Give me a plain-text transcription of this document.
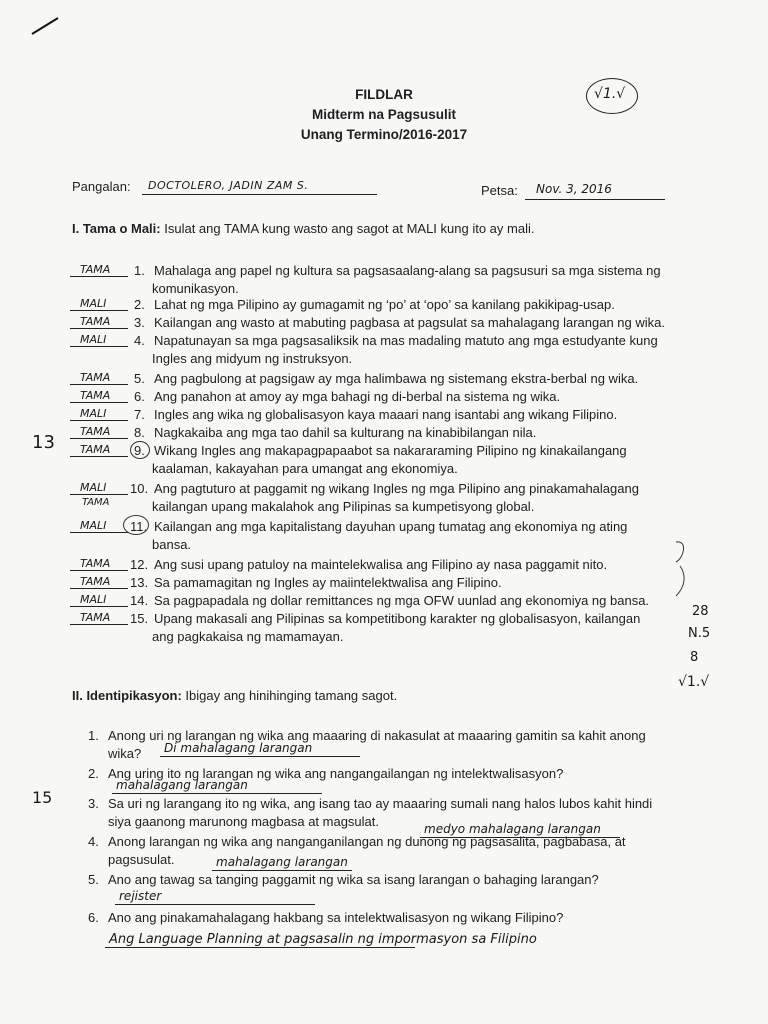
FILDLAR
Midterm na Pagsusulit
Unang Termino/2016-2017
√1.√
Pangalan: DOCTOLERO, JADIN ZAM S.	Petsa: Nov. 3, 2016
I. Tama o Mali: Isulat ang TAMA kung wasto ang sagot at MALI kung ito ay mali.
TAMA 1. Mahalaga ang papel ng kultura sa pagsasaalang-alang sa pagsusuri sa mga sistema ng
komunikasyon.
MALI 2. Lahat ng mga Pilipino ay gumagamit ng ‘po’ at ‘opo’ sa kanilang pakikipag-usap.
TAMA 3. Kailangan ang wasto at mabuting pagbasa at pagsulat sa mahalagang larangan ng wika.
MALI 4. Napatunayan sa mga pagsasaliksik na mas madaling matuto ang mga estudyante kung
Ingles ang midyum ng instruksyon.
TAMA 5. Ang pagbulong at pagsigaw ay mga halimbawa ng sistemang ekstra-berbal ng wika.
TAMA 6. Ang panahon at amoy ay mga bahagi ng di-berbal na sistema ng wika.
MALI 7. Ingles ang wika ng globalisasyon kaya maaari nang isantabi ang wikang Filipino.
TAMA 8. Nagkakaiba ang mga tao dahil sa kulturang na kinabibilangan nila.
TAMA 9. Wikang Ingles ang makapagpapaabot sa nakararaming Pilipino ng kinakailangang
kaalaman, kakayahan para umangat ang ekonomiya.
MALI 10. Ang pagtuturo at paggamit ng wikang Ingles ng mga Pilipino ang pinakamahalagang
kailangan upang makalahok ang Pilipinas sa kumpetisyong global.
MALI 11. Kailangan ang mga kapitalistang dayuhan upang tumatag ang ekonomiya ng ating
bansa.
TAMA 12. Ang susi upang patuloy na maintelekwalisa ang Filipino ay nasa paggamit nito.
TAMA 13. Sa pamamagitan ng Ingles ay maiintelektwalisa ang Filipino.
MALI 14. Sa pagpapadala ng dollar remittances ng mga OFW uunlad ang ekonomiya ng bansa.
TAMA 15. Upang makasali ang Pilipinas sa kompetitibong karakter ng globalisasyon, kailangan
ang pagkakaisa ng mamamayan.
TAMA
13
28
N.5
8
√1.√
II. Identipikasyon: Ibigay ang hinihinging tamang sagot.
1. Anong uri ng larangan ng wika ang maaaring di nakasulat at maaaring gamitin sa kahit anong
wika? Di mahalagang larangan
2. Ang uring ito ng larangan ng wika ang nangangailangan ng intelektwalisasyon?
mahalagang larangan
3. Sa uri ng larangang ito ng wika, ang isang tao ay maaaring sumali nang halos lubos kahit hindi
siya gaanong marunong magbasa at magsulat.	medyo mahalagang larangan
4. Anong larangan ng wika ang nanganganilangan ng dunong ng pagsasalita, pagbabasa, at
pagsusulat.	mahalagang larangan
5. Ano ang tawag sa tanging paggamit ng wika sa isang larangan o bahaging larangan?
rejister
6. Ano ang pinakamahalagang hakbang sa intelektwalisasyon ng wikang Filipino?
Ang Language Planning at pagsasalin ng impormasyon sa Filipino
15
